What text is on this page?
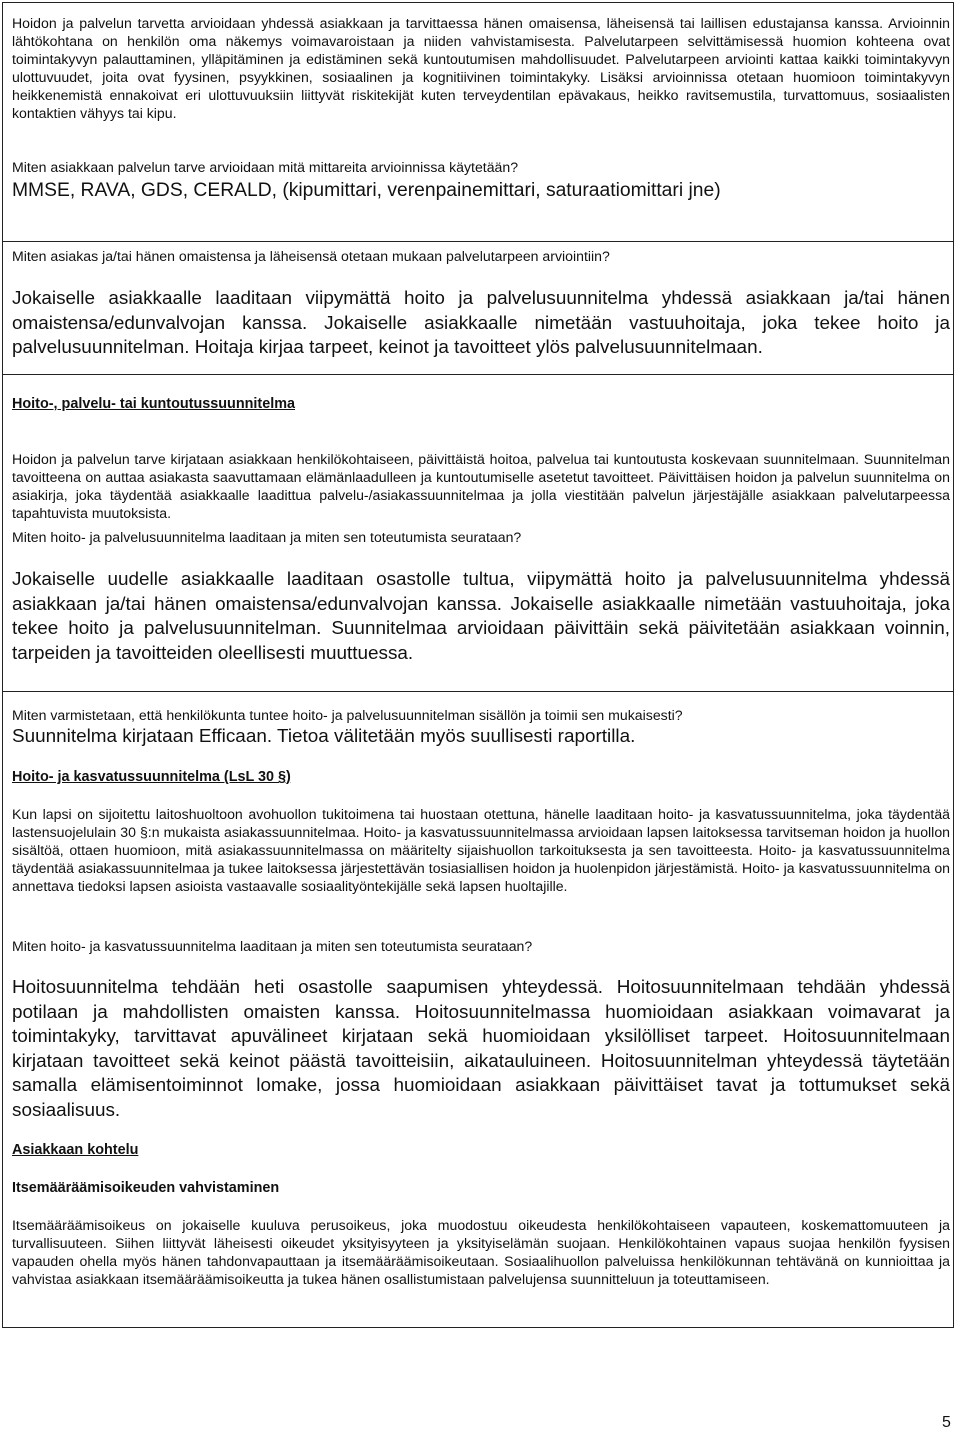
Hoidon ja palvelun tarvetta arvioidaan yhdessä asiakkaan ja tarvittaessa hänen omaisensa, läheisensä tai laillisen edustajansa kanssa. Arvioinnin lähtökohtana on henkilön oma näkemys voimavaroistaan ja niiden vahvistamisesta. Palvelutarpeen selvittämisessä huomion kohteena ovat toimintakyvyn palauttaminen, ylläpitäminen ja edistäminen sekä kuntoutumisen mahdollisuudet. Palvelutarpeen arviointi kattaa kaikki toimintakyvyn ulottuvuudet, joita ovat fyysinen, psyykkinen, sosiaalinen ja kognitiivinen toimintakyky. Lisäksi arvioinnissa otetaan huomioon toimintakyvyn heikkenemistä ennakoivat eri ulottuvuuksiin liittyvät riskitekijät kuten terveydentilan epävakaus, heikko ravitsemustila, turvattomuus, sosiaalisten kontaktien vähyys tai kipu.

Miten asiakkaan palvelun tarve arvioidaan mitä mittareita arvioinnissa käytetään?

MMSE, RAVA, GDS, CERALD, (kipumittari, verenpainemittari, saturaatiomittari jne)

Miten asiakas ja/tai hänen omaistensa ja läheisensä otetaan mukaan palvelutarpeen arviointiin?

Jokaiselle asiakkaalle laaditaan viipymättä hoito ja palvelusuunnitelma yhdessä asiakkaan ja/tai hänen omaistensa/edunvalvojan kanssa. Jokaiselle asiakkaalle nimetään vastuuhoitaja, joka tekee hoito ja palvelusuunnitelman. Hoitaja kirjaa tarpeet, keinot ja tavoitteet ylös palvelusuunnitelmaan.

Hoito-, palvelu- tai kuntoutussuunnitelma

Hoidon ja palvelun tarve kirjataan asiakkaan henkilökohtaiseen, päivittäistä hoitoa, palvelua tai kuntoutusta koskevaan suunnitelmaan. Suunnitelman tavoitteena on auttaa asiakasta saavuttamaan elämänlaadulleen ja kuntoutumiselle asetetut tavoitteet. Päivittäisen hoidon ja palvelun suunnitelma on asiakirja, joka täydentää asiakkaalle laadittua palvelu-/asiakassuunnitelmaa ja jolla viestitään palvelun järjestäjälle asiakkaan palvelutarpeessa tapahtuvista muutoksista.

Miten hoito- ja palvelusuunnitelma laaditaan ja miten sen toteutumista seurataan?

Jokaiselle uudelle asiakkaalle laaditaan osastolle tultua, viipymättä hoito ja palvelusuunnitelma yhdessä asiakkaan ja/tai hänen omaistensa/edunvalvojan kanssa. Jokaiselle asiakkaalle nimetään vastuuhoitaja, joka tekee hoito ja palvelusuunnitelman. Suunnitelmaa arvioidaan päivittäin sekä päivitetään asiakkaan voinnin, tarpeiden ja tavoitteiden oleellisesti muuttuessa.

Miten varmistetaan, että henkilökunta tuntee hoito- ja palvelusuunnitelman sisällön ja toimii sen mukaisesti?

Suunnitelma kirjataan Efficaan. Tietoa välitetään myös suullisesti raportilla.

Hoito- ja kasvatussuunnitelma (LsL 30 §)

Kun lapsi on sijoitettu laitoshuoltoon avohuollon tukitoimena tai huostaan otettuna, hänelle laaditaan hoito- ja kasvatussuunnitelma, joka täydentää lastensuojelulain 30 §:n mukaista asiakassuunnitelmaa. Hoito- ja kasvatussuunnitelmassa arvioidaan lapsen laitoksessa tarvitseman hoidon ja huollon sisältöä, ottaen huomioon, mitä asiakassuunnitelmassa on määritelty sijaishuollon tarkoituksesta ja sen tavoitteesta. Hoito- ja kasvatussuunnitelma täydentää asiakassuunnitelmaa ja tukee laitoksessa järjestettävän tosiasiallisen hoidon ja huolenpidon järjestämistä. Hoito- ja kasvatussuunnitelma on annettava tiedoksi lapsen asioista vastaavalle sosiaalityöntekijälle sekä lapsen huoltajille.

Miten hoito- ja kasvatussuunnitelma laaditaan ja miten sen toteutumista seurataan?

Hoitosuunnitelma tehdään heti osastolle saapumisen yhteydessä. Hoitosuunnitelmaan tehdään yhdessä potilaan ja mahdollisten omaisten kanssa. Hoitosuunnitelmassa huomioidaan asiakkaan voimavarat ja toimintakyky, tarvittavat apuvälineet kirjataan sekä huomioidaan yksilölliset tarpeet. Hoitosuunnitelmaan kirjataan tavoitteet sekä keinot päästä tavoitteisiin, aikatauluineen. Hoitosuunnitelman yhteydessä täytetään samalla elämisentoiminnot lomake, jossa huomioidaan asiakkaan päivittäiset tavat ja tottumukset sekä sosiaalisuus.

Asiakkaan kohtelu

Itsemääräämisoikeuden vahvistaminen

Itsemääräämisoikeus on jokaiselle kuuluva perusoikeus, joka muodostuu oikeudesta henkilökohtaiseen vapauteen, koskemattomuuteen ja turvallisuuteen. Siihen liittyvät läheisesti oikeudet yksityisyyteen ja yksityiselämän suojaan. Henkilökohtainen vapaus suojaa henkilön fyysisen vapauden ohella myös hänen tahdonvapauttaan ja itsemääräämisoikeutaan. Sosiaalihuollon palveluissa henkilökunnan tehtävänä on kunnioittaa ja vahvistaa asiakkaan itsemääräämisoikeutta ja tukea hänen osallistumistaan palvelujensa suunnitteluun ja toteuttamiseen.

5
